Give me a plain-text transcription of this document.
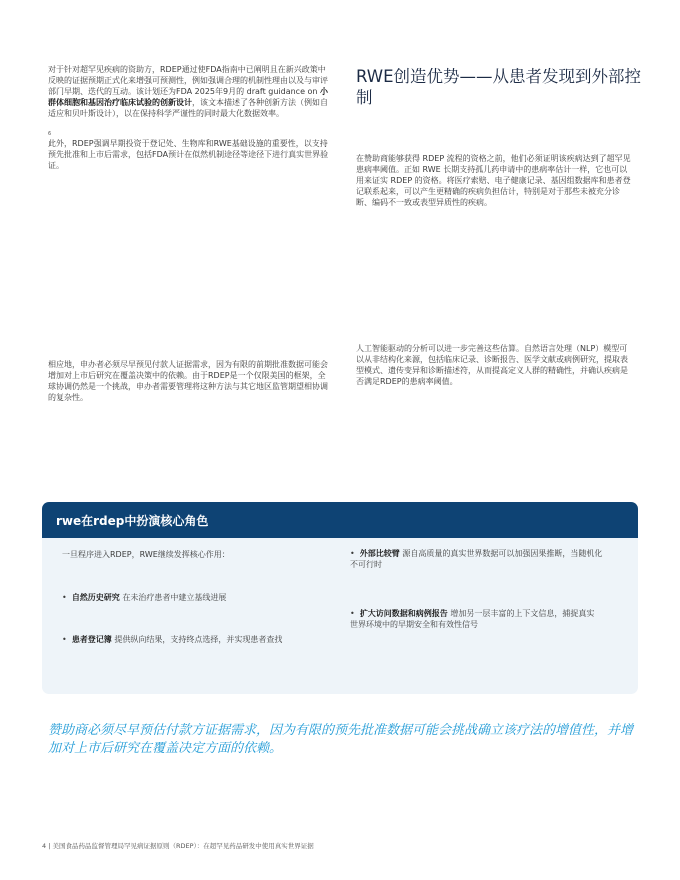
对于针对超罕见疾病的资助方，RDEP通过使FDA指南中已阐明且在新兴政策中反映的证据预期正式化来增强可预测性，例如强调合理的机制性理由以及与审评部门早期、迭代的互动。该计划还为FDA 2025年9月的 draft guidance on 小群体细胞和基因治疗临床试验的创新设计，该文本描述了各种创新方法（例如自适应和贝叶斯设计），以在保持科学严谨性的同时最大化数据效率。

6

此外，RDEP强调早期投资于登记处、生物库和RWE基础设施的重要性，以支持预先批准和上市后需求，包括FDA预计在似然机制途径等途径下进行真实世界验证。

相应地，申办者必须尽早预见付款人证据需求，因为有限的前期批准数据可能会增加对上市后研究在覆盖决策中的依赖。由于RDEP是一个仅限美国的框架，全球协调仍然是一个挑战，申办者需要管理将这种方法与其它地区监管期望相协调的复杂性。

RWE创造优势——从患者发现到外部控制

在赞助商能够获得 RDEP 流程的资格之前，他们必须证明该疾病达到了超罕见患病率阈值。正如 RWE 长期支持孤儿药申请中的患病率估计一样，它也可以用来证实 RDEP 的资格。将医疗索赔、电子健康记录、基因组数据库和患者登记联系起来，可以产生更精确的疾病负担估计，特别是对于那些未被充分诊断、编码不一致或表型异质性的疾病。

人工智能驱动的分析可以进一步完善这些估算。自然语言处理（NLP）模型可以从非结构化来源，包括临床记录、诊断报告、医学文献或病例研究，提取表型模式、遗传变异和诊断描述符，从而提高定义人群的精确性，并确认疾病是否满足RDEP的患病率阈值。

rwe在rdep中扮演核心角色

一旦程序进入RDEP，RWE继续发挥核心作用：

• 自然历史研究 在未治疗患者中建立基线进展

• 患者登记簿 提供纵向结果，支持终点选择，并实现患者查找

• 外部比较臂 源自高质量的真实世界数据可以加强因果推断，当随机化不可行时

• 扩大访问数据和病例报告 增加另一层丰富的上下文信息，捕捉真实世界环境中的早期安全和有效性信号

赞助商必须尽早预估付款方证据需求，因为有限的预先批准数据可能会挑战确立该疗法的增值性，并增加对上市后研究在覆盖决定方面的依赖。

4 | 美国食品药品监督管理局罕见病证据原则（RDEP）：在超罕见药品研发中使用真实世界证据
